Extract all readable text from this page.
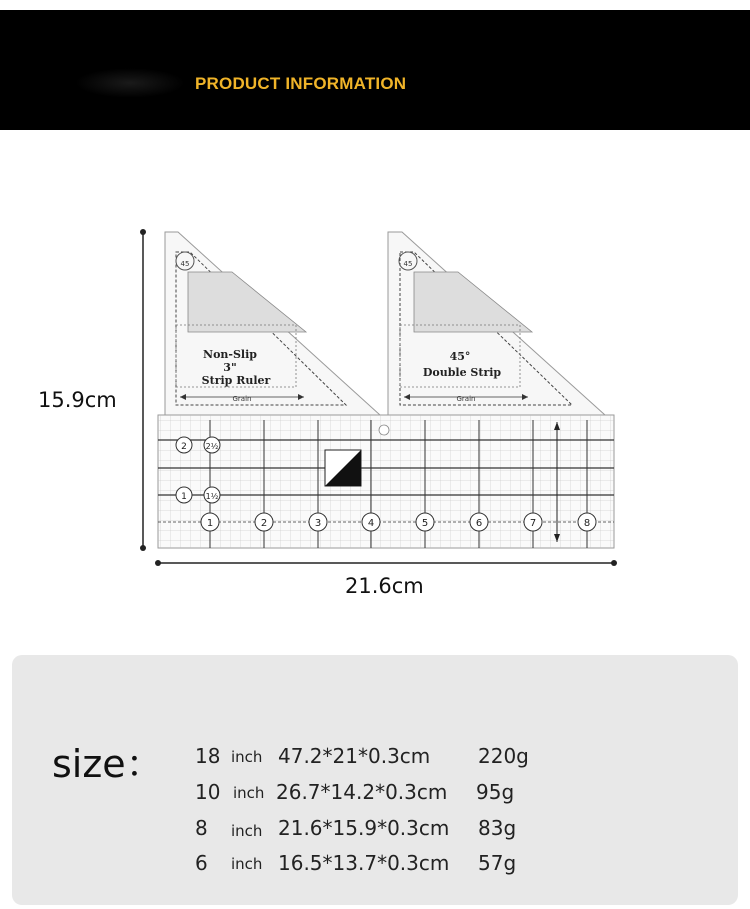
PRODUCT INFORMATION
1	2	3	4	5	6	7	8
2 2½
1 1½
45
Non-Slip
3"
Strip Ruler
Grain
45
45°
Double Strip
Grain
15.9cm
21.6cm
size： 18 inch 47.2*21*0.3cm 220g
10 inch 26.7*14.2*0.3cm 95g
8 inch 21.6*15.9*0.3cm 83g
6 inch 16.5*13.7*0.3cm 57g
